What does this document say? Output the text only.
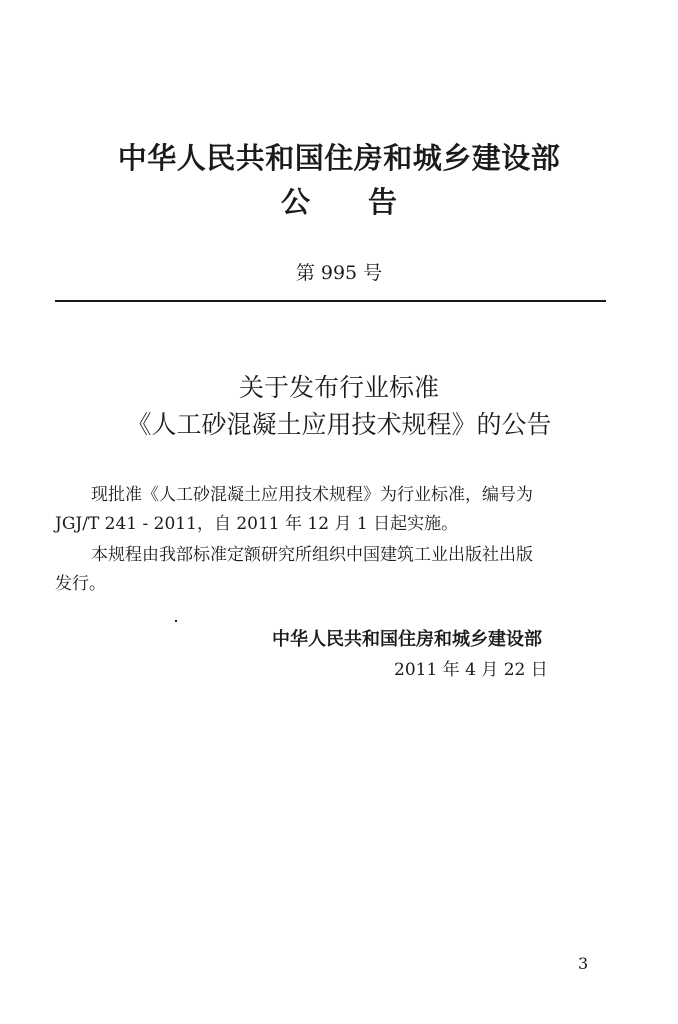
中华人民共和国住房和城乡建设部
公告
第 995 号
关于发布行业标准
《人工砂混凝土应用技术规程》的公告
现批准《人工砂混凝土应用技术规程》为行业标准，编号为
JGJ/T 241 - 2011，自 2011 年 12 月 1 日起实施。
本规程由我部标准定额研究所组织中国建筑工业出版社出版
发行。
中华人民共和国住房和城乡建设部
2011 年 4 月 22 日
3
